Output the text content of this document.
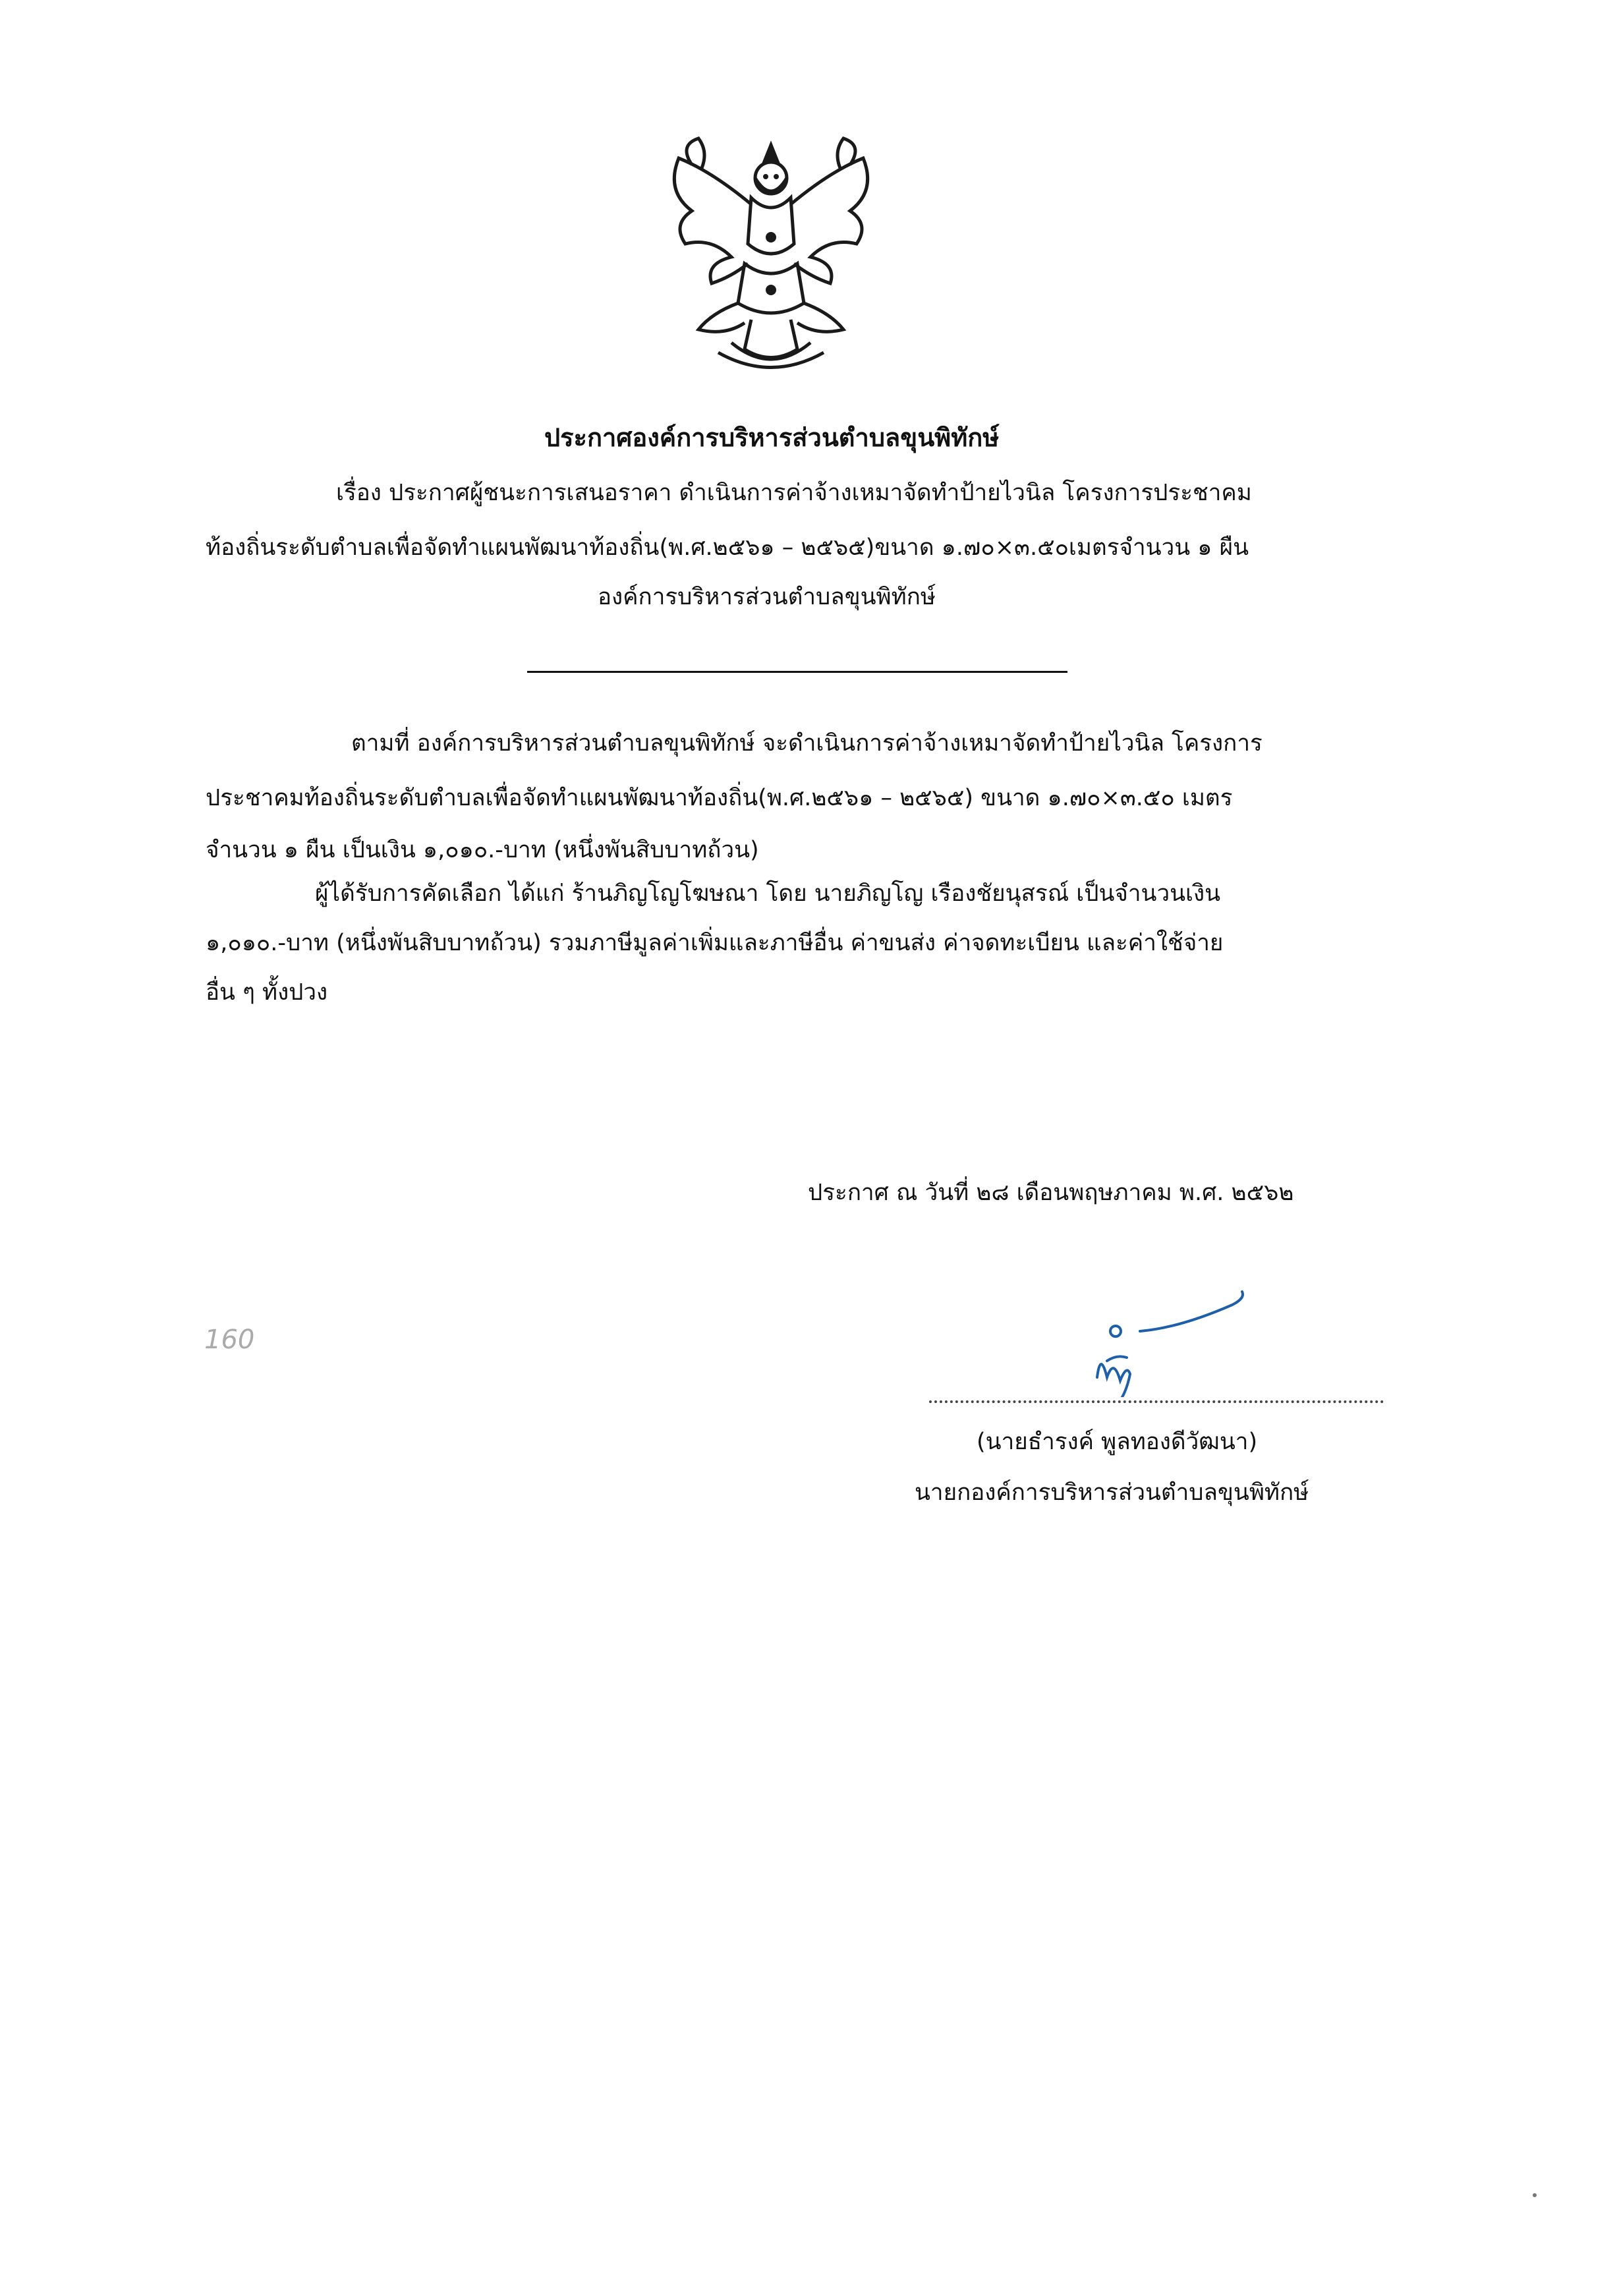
ประกาศองค์การบริหารส่วนตำบลขุนพิทักษ์
เรื่อง ประกาศผู้ชนะการเสนอราคา ดำเนินการค่าจ้างเหมาจัดทำป้ายไวนิล โครงการประชาคม
ท้องถิ่นระดับตำบลเพื่อจัดทำแผนพัฒนาท้องถิ่น(พ.ศ.๒๕๖๑ – ๒๕๖๕)ขนาด ๑.๗๐×๓.๕๐เมตรจำนวน ๑ ผืน
องค์การบริหารส่วนตำบลขุนพิทักษ์
ตามที่ องค์การบริหารส่วนตำบลขุนพิทักษ์ จะดำเนินการค่าจ้างเหมาจัดทำป้ายไวนิล โครงการ
ประชาคมท้องถิ่นระดับตำบลเพื่อจัดทำแผนพัฒนาท้องถิ่น(พ.ศ.๒๕๖๑ – ๒๕๖๕) ขนาด ๑.๗๐×๓.๕๐ เมตร
จำนวน ๑ ผืน เป็นเงิน ๑,๐๑๐.-บาท (หนึ่งพันสิบบาทถ้วน)
ผู้ได้รับการคัดเลือก ได้แก่ ร้านภิญโญโฆษณา โดย นายภิญโญ เรืองชัยนุสรณ์ เป็นจำนวนเงิน
๑,๐๑๐.-บาท (หนึ่งพันสิบบาทถ้วน) รวมภาษีมูลค่าเพิ่มและภาษีอื่น ค่าขนส่ง ค่าจดทะเบียน และค่าใช้จ่าย
อื่น ๆ ทั้งปวง
ประกาศ ณ วันที่ ๒๘ เดือนพฤษภาคม พ.ศ. ๒๕๖๒
160
(นายธำรงค์ พูลทองดีวัฒนา)
นายกองค์การบริหารส่วนตำบลขุนพิทักษ์
